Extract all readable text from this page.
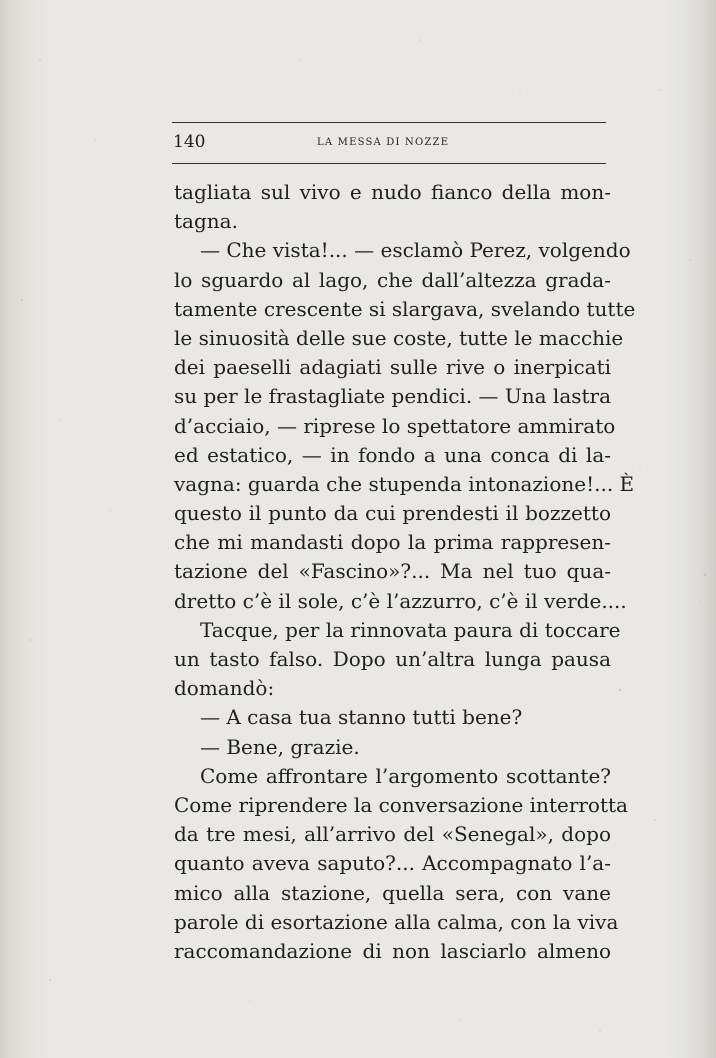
140	LA MESSA DI NOZZE
tagliata sul vivo e nudo fianco della mon-
tagna.
— Che vista!... — esclamò Perez, volgendo
lo sguardo al lago, che dall’altezza grada-
tamente crescente si slargava, svelando tutte
le sinuosità delle sue coste, tutte le macchie
dei paeselli adagiati sulle rive o inerpicati
su per le frastagliate pendici. — Una lastra
d’acciaio, — riprese lo spettatore ammirato
ed estatico, — in fondo a una conca di la-
vagna: guarda che stupenda intonazione!... È
questo il punto da cui prendesti il bozzetto
che mi mandasti dopo la prima rappresen-
tazione del «Fascino»?... Ma nel tuo qua-
dretto c’è il sole, c’è l’azzurro, c’è il verde....
Tacque, per la rinnovata paura di toccare
un tasto falso. Dopo un’altra lunga pausa
domandò:
— A casa tua stanno tutti bene?
— Bene, grazie.
Come affrontare l’argomento scottante?
Come riprendere la conversazione interrotta
da tre mesi, all’arrivo del «Senegal», dopo
quanto aveva saputo?... Accompagnato l’a-
mico alla stazione, quella sera, con vane
parole di esortazione alla calma, con la viva
raccomandazione di non lasciarlo almeno
